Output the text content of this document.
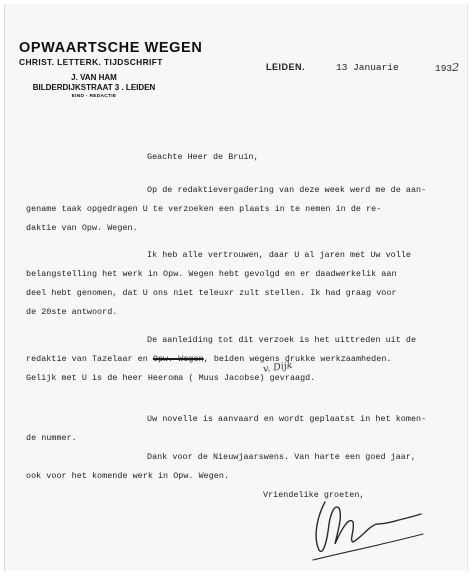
OPWAARTSCHE WEGEN
CHRIST. LETTERK. TIJDSCHRIFT
J. VAN HAM
BILDERDIJKSTRAAT 3 . LEIDEN
EIND - REDACTIE
LEIDEN.	13 Januarie	1932
Geachte Heer de Bruin,
Op de redaktievergadering van deze week werd me de aan-
gename taak opgedragen U te verzoeken een plaats in te nemen in de re-
daktie van Opw. Wegen.
Ik heb alle vertrouwen, daar U al jaren met Uw volle
belangstelling het werk in Opw. Wegen hebt gevolgd en er daadwerkelik aan
deel hebt genomen, dat U ons niet teleuxr zult stellen. Ik had graag voor
de 20ste antwoord.
De aanleiding tot dit verzoek is het uittreden uit de
redaktie van Tazelaar en Opw. Wegen, beiden wegens drukke werkzaamheden.
v. Dijk
Gelijk met U is de heer Heeroma ( Muus Jacobse) gevraagd.
Uw novelle is aanvaard en wordt geplaatst in het komen-
de nummer.
Dank voor de Nieuwjaarswens. Van harte een goed jaar,
ook voor het komende werk in Opw. Wegen.
Vriendelike groeten,
